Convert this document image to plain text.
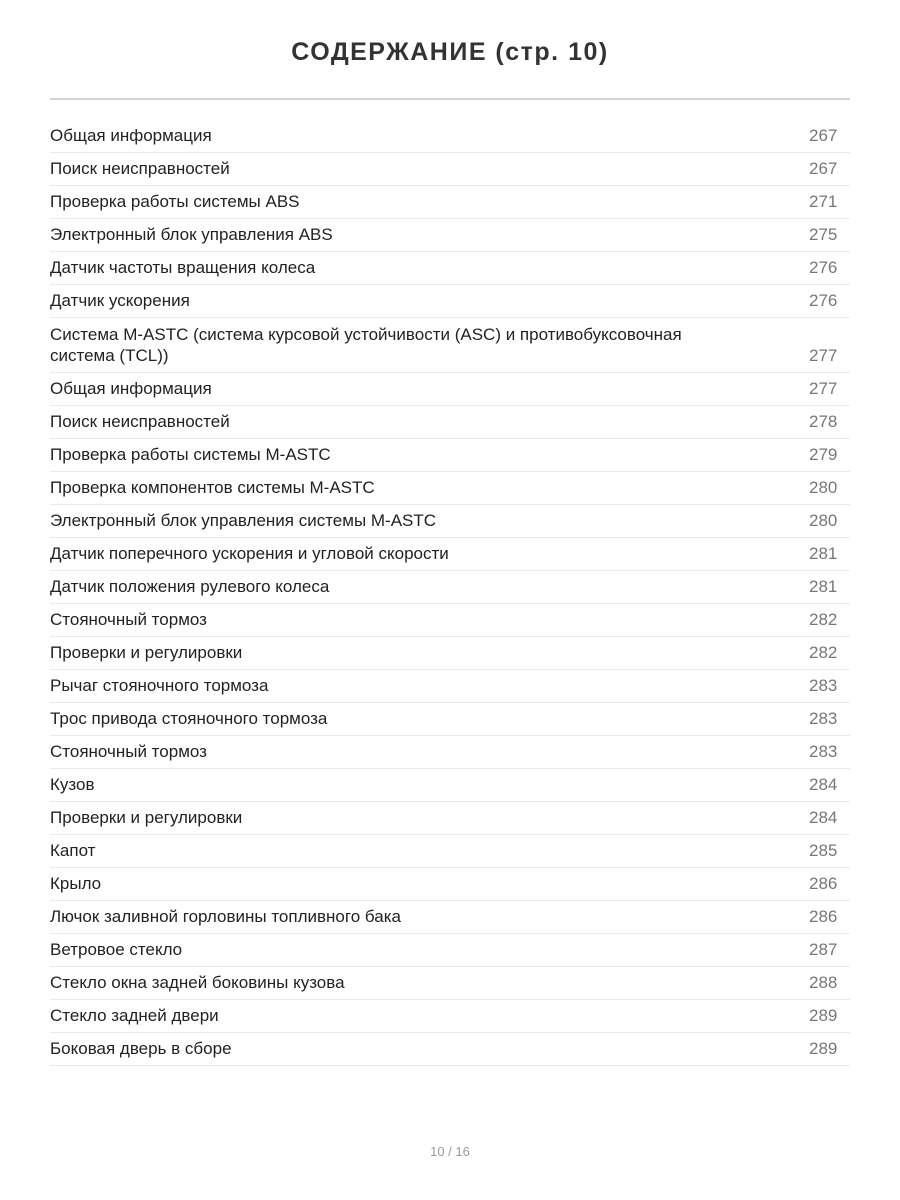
СОДЕРЖАНИЕ (стр. 10)
Общая информация	267
Поиск неисправностей	267
Проверка работы системы ABS	271
Электронный блок управления ABS	275
Датчик частоты вращения колеса	276
Датчик ускорения	276
Система M-ASTC (система курсовой устойчивости (ASC) и противобуксовочная система (TCL))	277
Общая информация	277
Поиск неисправностей	278
Проверка работы системы M-ASTC	279
Проверка компонентов системы M-ASTC	280
Электронный блок управления системы M-ASTC	280
Датчик поперечного ускорения и угловой скорости	281
Датчик положения рулевого колеса	281
Стояночный тормоз	282
Проверки и регулировки	282
Рычаг стояночного тормоза	283
Трос привода стояночного тормоза	283
Стояночный тормоз	283
Кузов	284
Проверки и регулировки	284
Капот	285
Крыло	286
Лючок заливной горловины топливного бака	286
Ветровое стекло	287
Стекло окна задней боковины кузова	288
Стекло задней двери	289
Боковая дверь в сборе	289
10 / 16
